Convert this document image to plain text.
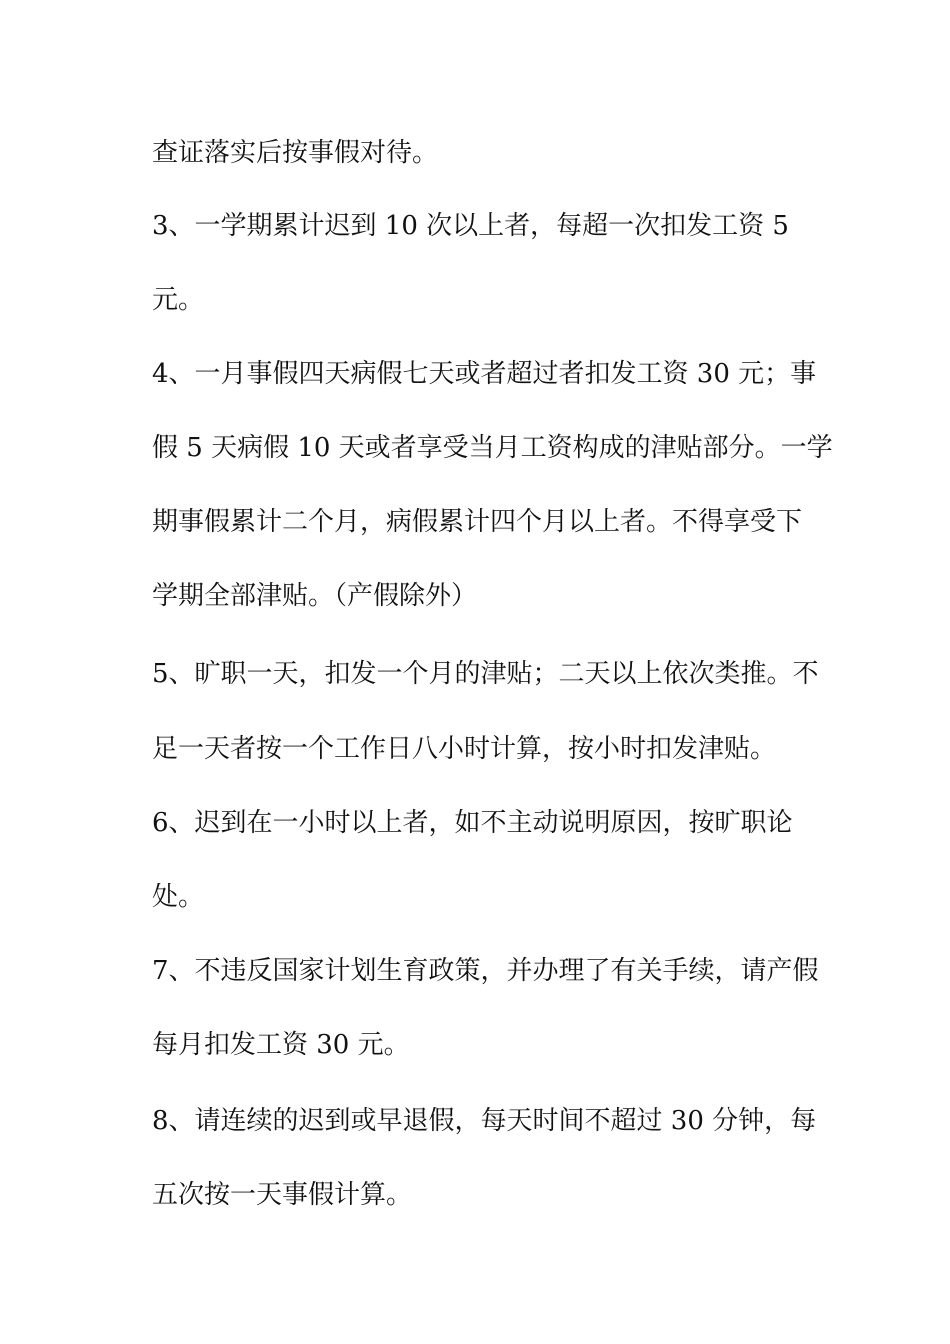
查证落实后按事假对待。
3、一学期累计迟到 10 次以上者，每超一次扣发工资 5
元。
4、一月事假四天病假七天或者超过者扣发工资 30 元；事
假 5 天病假 10 天或者享受当月工资构成的津贴部分。一学
期事假累计二个月，病假累计四个月以上者。不得享受下
学期全部津贴。（产假除外）
5、旷职一天，扣发一个月的津贴；二天以上依次类推。不
足一天者按一个工作日八小时计算，按小时扣发津贴。
6、迟到在一小时以上者，如不主动说明原因，按旷职论
处。
7、不违反国家计划生育政策，并办理了有关手续，请产假
每月扣发工资 30 元。
8、请连续的迟到或早退假，每天时间不超过 30 分钟，每
五次按一天事假计算。
